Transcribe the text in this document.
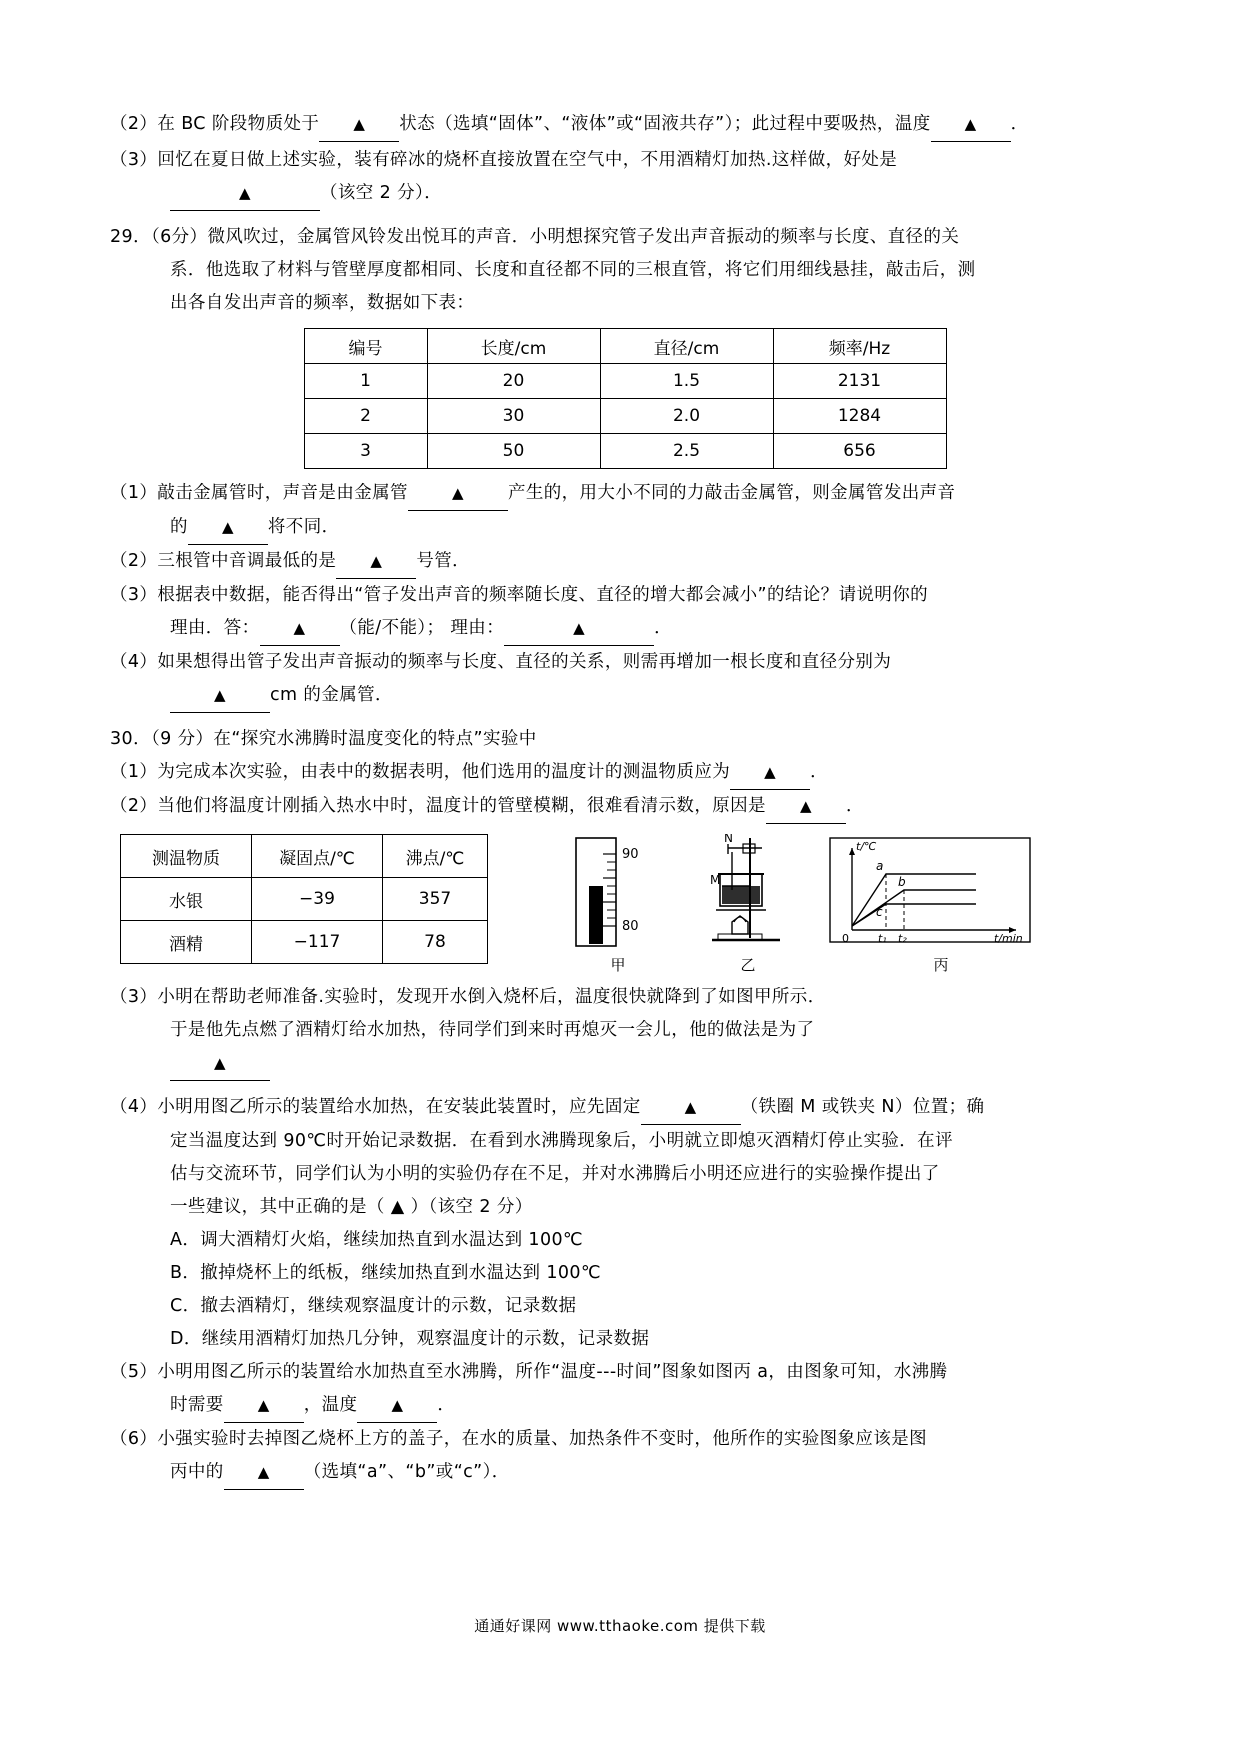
（2）在 BC 阶段物质处于 ▲ 状态（选填“固体”、“液体”或“固液共存”）；此过程中要吸热，温度 ▲ ．
（3）回忆在夏日做上述实验，装有碎冰的烧杯直接放置在空气中，不用酒精灯加热.这样做，好处是
▲	（该空 2 分）．
29．（6分）微风吹过，金属管风铃发出悦耳的声音．小明想探究管子发出声音振动的频率与长度、直径的关
系．他选取了材料与管壁厚度都相同、长度和直径都不同的三根直管，将它们用细线悬挂，敲击后，测
出各自发出声音的频率，数据如下表：
编号	长度/cm	直径/cm	频率/Hz
1	20	1.5	2131
2	30	2.0	1284
3	50	2.5	656
（1）敲击金属管时，声音是由金属管	▲	产生的，用大小不同的力敲击金属管，则金属管发出声音
的 ▲ 将不同．
（2）三根管中音调最低的是 ▲ 号管．
（3）根据表中数据，能否得出“管子发出声音的频率随长度、直径的增大都会减小”的结论？请说明你的
理由．答： ▲ （能/不能）； 理由：	▲	．
（4）如果想得出管子发出声音振动的频率与长度、直径的关系，则需再增加一根长度和直径分别为
▲	cm 的金属管．
30．（9 分）在“探究水沸腾时温度变化的特点”实验中
（1）为完成本次实验，由表中的数据表明，他们选用的温度计的测温物质应为 ▲ ．
（2）当他们将温度计刚插入热水中时，温度计的管壁模糊，很难看清示数，原因是 ▲ ．
测温物质	凝固点/℃	沸点/℃
水银	−39	357
酒精	−117	78
90
80
甲
N
M
乙
t/℃
t/min
0
a
b
c
t₁ t₂
丙
（3）小明在帮助老师准备.实验时，发现开水倒入烧杯后，温度很快就降到了如图甲所示．
于是他先点燃了酒精灯给水加热，待同学们到来时再熄灭一会儿，他的做法是为了
▲
（4）小明用图乙所示的装置给水加热，在安装此装置时，应先固定	▲	（铁圈 M 或铁夹 N）位置；确
定当温度达到 90℃时开始记录数据．在看到水沸腾现象后，小明就立即熄灭酒精灯停止实验．在评
估与交流环节，同学们认为小明的实验仍存在不足，并对水沸腾后小明还应进行的实验操作提出了
一些建议，其中正确的是（ ▲ ）（该空 2 分）
A．调大酒精灯火焰，继续加热直到水温达到 100℃
B．撤掉烧杯上的纸板，继续加热直到水温达到 100℃
C．撤去酒精灯，继续观察温度计的示数，记录数据
D．继续用酒精灯加热几分钟，观察温度计的示数，记录数据
（5）小明用图乙所示的装置给水加热直至水沸腾，所作“温度---时间”图象如图丙 a，由图象可知，水沸腾
时需要 ▲ ，温度 ▲ ．
（6）小强实验时去掉图乙烧杯上方的盖子，在水的质量、加热条件不变时，他所作的实验图象应该是图
丙中的 ▲ （选填“a”、“b”或“c”）．
通通好课网 www.tthaoke.com 提供下载
